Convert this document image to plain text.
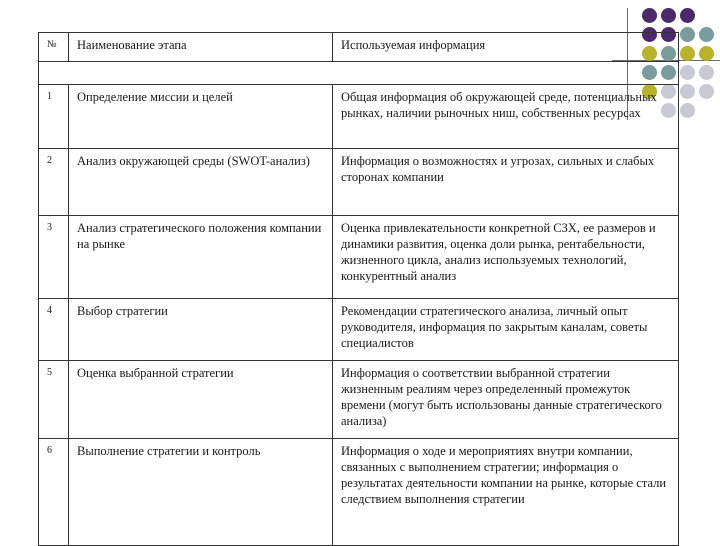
№	Наименование этапа	Используемая информация

1	Определение миссии и целей	Общая информация об окружающей среде, потенциальных рынках, наличии рыночных ниш, собственных ресурсах
2	Анализ окружающей среды (SWOT-анализ)	Информация о возможностях и угрозах, сильных и слабых сторонах компании
3	Анализ стратегического положения компании на рынке	Оценка привлекательности конкретной СЗХ, ее размеров и динамики развития, оценка доли рынка, рентабельности, жизненного цикла, анализ используемых технологий, конкурентный анализ
4	Выбор стратегии	Рекомендации стратегического анализа, личный опыт руководителя, информация по закрытым каналам, советы специалистов
5	Оценка выбранной стратегии	Информация о соответствии выбранной стратегии жизненным реалиям через определенный промежуток времени (могут быть использованы данные стратегического анализа)
6	Выполнение стратегии и контроль	Информация о ходе и мероприятиях внутри компании, связанных с выполнением стратегии; информация о результатах деятельности компании на рынке, которые стали следствием выполнения стратегии
